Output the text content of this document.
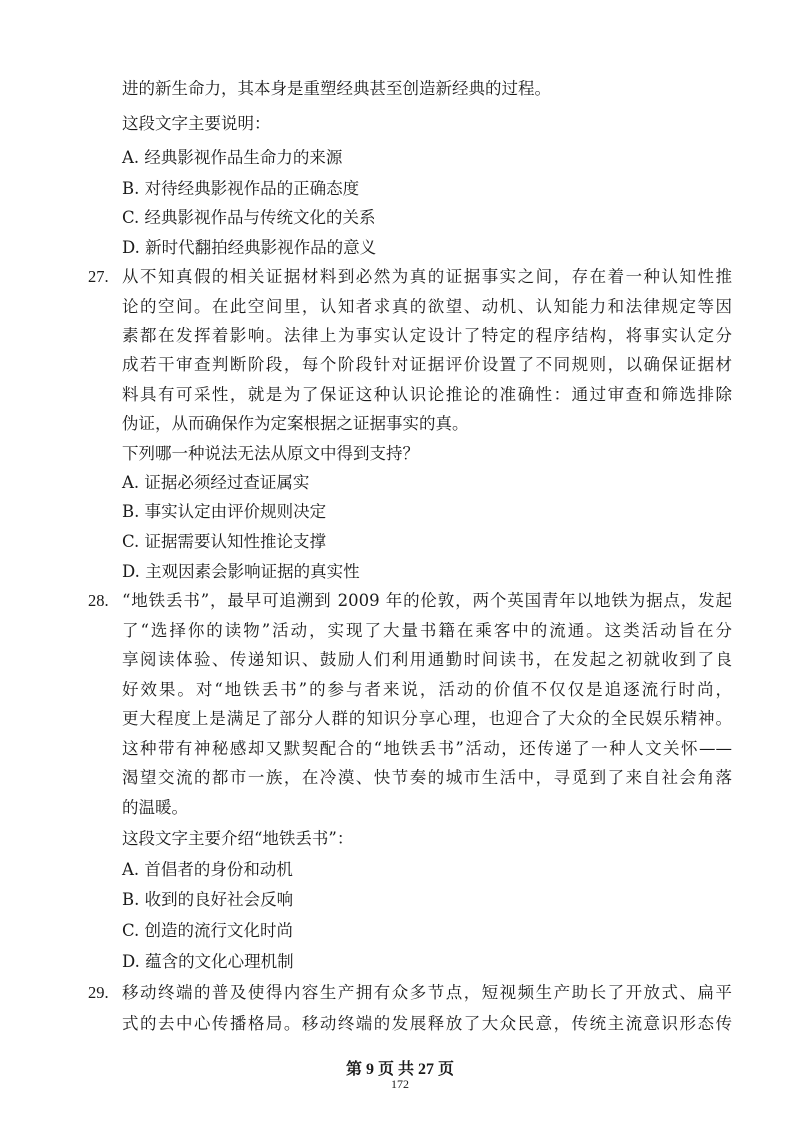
进的新生命力，其本身是重塑经典甚至创造新经典的过程。
这段文字主要说明：
A. 经典影视作品生命力的来源
B. 对待经典影视作品的正确态度
C. 经典影视作品与传统文化的关系
D. 新时代翻拍经典影视作品的意义
27. 从不知真假的相关证据材料到必然为真的证据事实之间，存在着一种认知性推
论的空间。在此空间里，认知者求真的欲望、动机、认知能力和法律规定等因
素都在发挥着影响。法律上为事实认定设计了特定的程序结构，将事实认定分
成若干审查判断阶段，每个阶段针对证据评价设置了不同规则，以确保证据材
料具有可采性，就是为了保证这种认识论推论的准确性：通过审查和筛选排除
伪证，从而确保作为定案根据之证据事实的真。
下列哪一种说法无法从原文中得到支持？
A. 证据必须经过查证属实
B. 事实认定由评价规则决定
C. 证据需要认知性推论支撑
D. 主观因素会影响证据的真实性
28. “地铁丢书”，最早可追溯到 2009 年的伦敦，两个英国青年以地铁为据点，发起
了“选择你的读物”活动，实现了大量书籍在乘客中的流通。这类活动旨在分
享阅读体验、传递知识、鼓励人们利用通勤时间读书，在发起之初就收到了良
好效果。对“地铁丢书”的参与者来说，活动的价值不仅仅是追逐流行时尚，
更大程度上是满足了部分人群的知识分享心理，也迎合了大众的全民娱乐精神。
这种带有神秘感却又默契配合的“地铁丢书”活动，还传递了一种人文关怀——
渴望交流的都市一族，在冷漠、快节奏的城市生活中，寻觅到了来自社会角落
的温暖。
这段文字主要介绍“地铁丢书”：
A. 首倡者的身份和动机
B. 收到的良好社会反响
C. 创造的流行文化时尚
D. 蕴含的文化心理机制
29. 移动终端的普及使得内容生产拥有众多节点，短视频生产助长了开放式、扁平
式的去中心传播格局。移动终端的发展释放了大众民意，传统主流意识形态传
第 9 页 共 27 页
172
